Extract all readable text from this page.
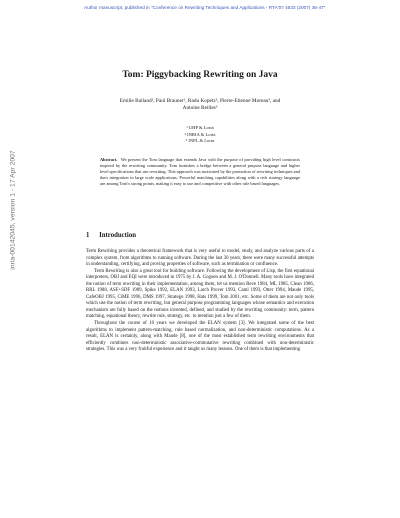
Author manuscript, published in "Conference on Rewriting Techniques and Applications - RTA'07 4533 (2007) 36-47"
inria-00142045, version 1 - 17 Apr 2007
Tom: Piggybacking Rewriting on Java
Emilie Balland¹, Paul Brauner¹, Radu Kopetz², Pierre-Etienne Moreau², and
Antoine Reilles³
¹ UHP & Loria
² INRIA & Loria
³ INPL & Loria
Abstract. We present the Tom language that extends Java with the purpose of providing high level constructs inspired by the rewriting community. Tom furnishes a bridge between a general purpose language and higher level specifications that use rewriting. This approach was motivated by the promotion of rewriting techniques and their integration in large scale applications. Powerful matching capabilities along with a rich strategy language are among Tom's strong points, making it easy to use and competitive with other rule based languages.
1 Introduction

Term Rewriting provides a theoretical framework that is very useful to model, study, and analyze various parts of a complex system, from algorithms to running software. During the last 30 years, there were many successful attempts in understanding, certifying, and proving properties of software, such as termination or confluence.

Term Rewriting is also a great tool for building software. Following the development of Lisp, the first equational interpreters, OBJ and EQI were introduced in 1975 by J. A. Goguen and M. J. O'Donnell. Many tools have integrated the notion of term rewriting in their implementation, among them, let us mention Reve 1984, ML 1985, Clean 1986, RRL 1988, ASF+SDF 1989, Spike 1992, ELAN 1993, Larch Prover 1993, Caml 1993, Otter 1994, Maude 1995, CafeOBJ 1995, CiME 1996, DMS 1997, Stratego 1998, Hats 1999, Tom 2001, etc. Some of them are not only tools which use the notion of term rewriting, but general purpose programming languages whose semantics and execution mechanism are fully based on the notions invented, defined, and studied by the rewriting community: term, pattern matching, equational theory, rewrite rule, strategy, etc. to mention just a few of them.

Throughout the course of 10 years we developed the ELAN system [3]. We integrated some of the best algorithms to implement pattern-matching, rule based normalization, and non-deterministic computations. As a result, ELAN is certainly, along with Maude [8], one of the most established term rewriting environments that efficiently combines non-deterministic associative-commutative rewriting combined with non-deterministic strategies. This was a very fruitful experience and it taught us many lessons. One of them is that implementing
